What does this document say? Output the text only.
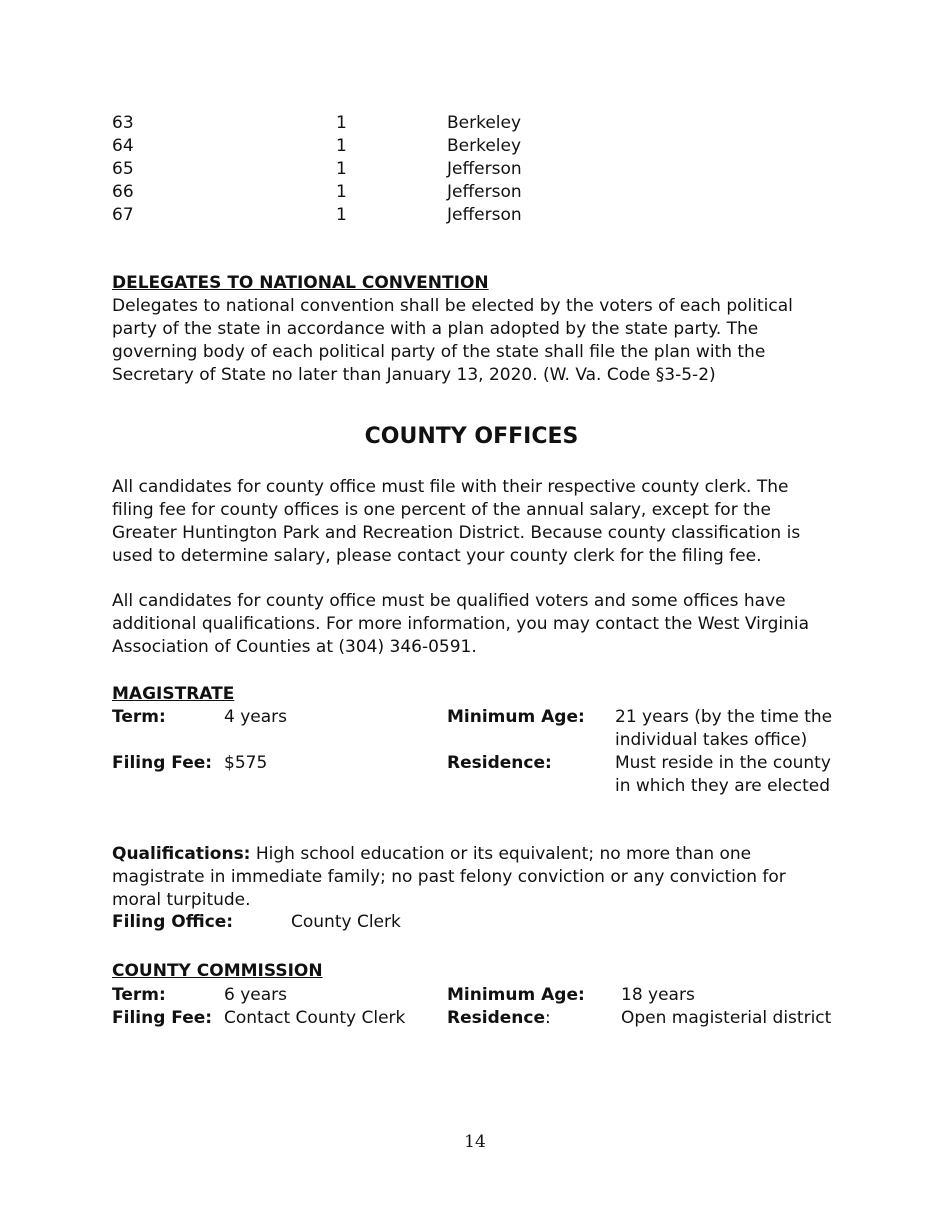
63	1	Berkeley
64	1	Berkeley
65	1	Jefferson
66	1	Jefferson
67	1	Jefferson
DELEGATES TO NATIONAL CONVENTION
Delegates to national convention shall be elected by the voters of each political party of the state in accordance with a plan adopted by the state party. The governing body of each political party of the state shall file the plan with the Secretary of State no later than January 13, 2020. (W. Va. Code §3-5-2)
COUNTY OFFICES
All candidates for county office must file with their respective county clerk. The filing fee for county offices is one percent of the annual salary, except for the Greater Huntington Park and Recreation District. Because county classification is used to determine salary, please contact your county clerk for the filing fee.
All candidates for county office must be qualified voters and some offices have additional qualifications. For more information, you may contact the West Virginia Association of Counties at (304) 346-0591.
MAGISTRATE
Term:	4 years	Minimum Age: 21 years (by the time the individual takes office)
Filing Fee: $575	Residence:	Must reside in the county in which they are elected
Qualifications: High school education or its equivalent; no more than one magistrate in immediate family; no past felony conviction or any conviction for moral turpitude.
Filing Office:	County Clerk
COUNTY COMMISSION
Term:	6 years	Minimum Age: 18 years
Filing Fee: Contact County Clerk Residence:	Open magisterial district
14
